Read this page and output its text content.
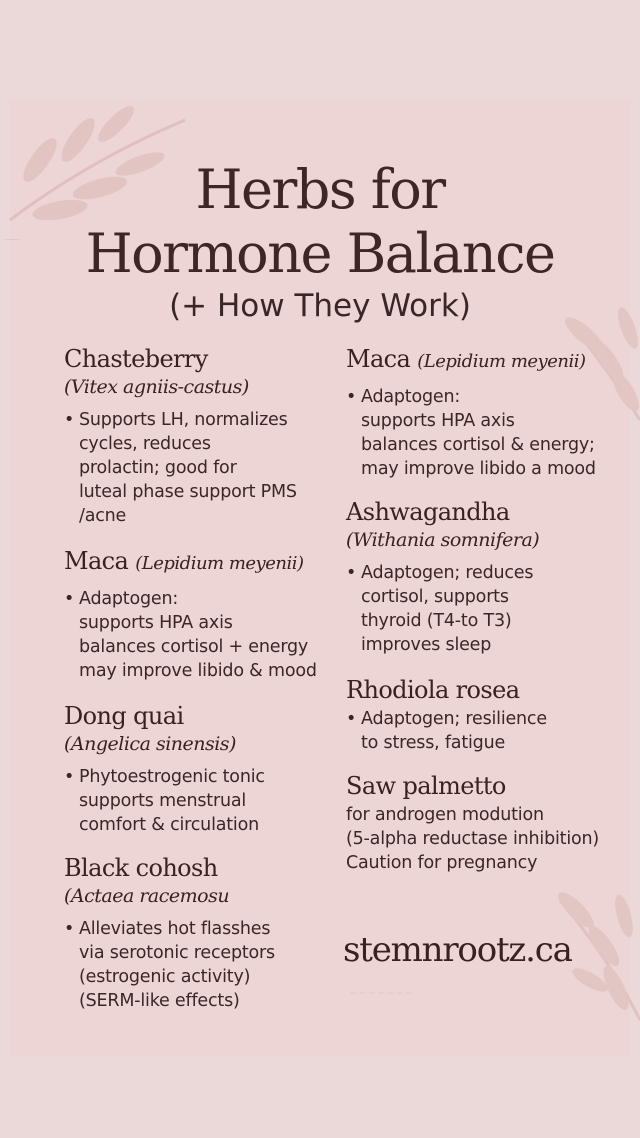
Herbs for
Hormone Balance
(+ How They Work)
Chasteberry
(Vitex agniis-castus)
• Supports LH, normalizes
cycles, reduces
prolactin; good for
luteal phase support PMS
/acne
Maca (Lepidium meyenii)
• Adaptogen:
supports HPA axis
balances cortisol + energy
may improve libido & mood
Dong quai
(Angelica sinensis)
• Phytoestrogenic tonic
supports menstrual
comfort & circulation
Black cohosh
(Actaea racemosu
• Alleviates hot flasshes
via serotonic receptors
(estrogenic activity)
(SERM-like effects)
Maca (Lepidium meyenii)
• Adaptogen:
supports HPA axis
balances cortisol & energy;
may improve libido a mood
Ashwagandha
(Withania somnifera)
• Adaptogen; reduces
cortisol, supports
thyroid (T4-to T3)
improves sleep
Rhodiola rosea
• Adaptogen; resilience
to stress, fatigue
Saw palmetto
for androgen modution
(5-alpha reductase inhibition)
Caution for pregnancy
stemnrootz.ca
